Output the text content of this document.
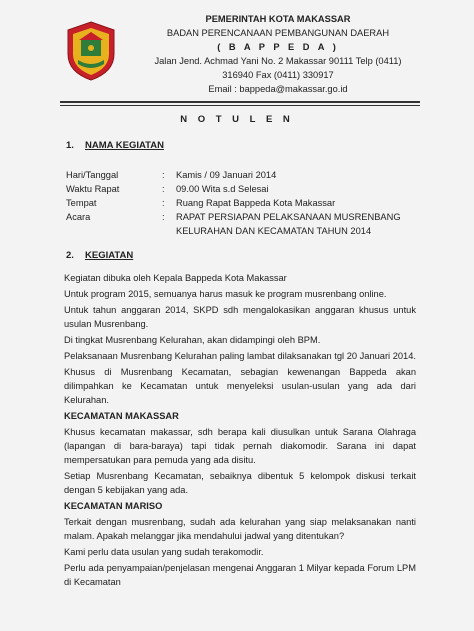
PEMERINTAH KOTA MAKASSAR
BADAN PERENCANAAN PEMBANGUNAN DAERAH
( B A P P E D A )
Jalan Jend. Achmad Yani No. 2 Makassar 90111 Telp (0411)
316940 Fax (0411) 330917
Email : bappeda@makassar.go.id
N O T U L E N
1. NAMA KEGIATAN
Hari/Tanggal	:	Kamis / 09 Januari 2014
Waktu Rapat	:	09.00 Wita s.d Selesai
Tempat	:	Ruang Rapat Bappeda Kota Makassar
Acara	:	RAPAT PERSIAPAN PELAKSANAAN MUSRENBANG KELURAHAN DAN KECAMATAN TAHUN 2014
2. KEGIATAN

Kegiatan dibuka oleh Kepala Bappeda Kota Makassar

Untuk program 2015, semuanya harus masuk ke program musrenbang online.

Untuk tahun anggaran 2014, SKPD sdh mengalokasikan anggaran khusus untuk usulan Musrenbang.

Di tingkat Musrenbang Kelurahan, akan didampingi oleh BPM.

Pelaksanaan Musrenbang Kelurahan paling lambat dilaksanakan tgl 20 Januari 2014.

Khusus di Musrenbang Kecamatan, sebagian kewenangan Bappeda akan dilimpahkan ke Kecamatan untuk menyeleksi usulan-usulan yang ada dari Kelurahan.

KECAMATAN MAKASSAR

Khusus kecamatan makassar, sdh berapa kali diusulkan untuk Sarana Olahraga (lapangan di bara-baraya) tapi tidak pernah diakomodir. Sarana ini dapat mempersatukan para pemuda yang ada disitu.

Setiap Musrenbang Kecamatan, sebaiknya dibentuk 5 kelompok diskusi terkait dengan 5 kebijakan yang ada.

KECAMATAN MARISO

Terkait dengan musrenbang, sudah ada kelurahan yang siap melaksanakan nanti malam. Apakah melanggar jika mendahului jadwal yang ditentukan?

Kami perlu data usulan yang sudah terakomodir.

Perlu ada penyampaian/penjelasan mengenai Anggaran 1 Milyar kepada Forum LPM di Kecamatan
